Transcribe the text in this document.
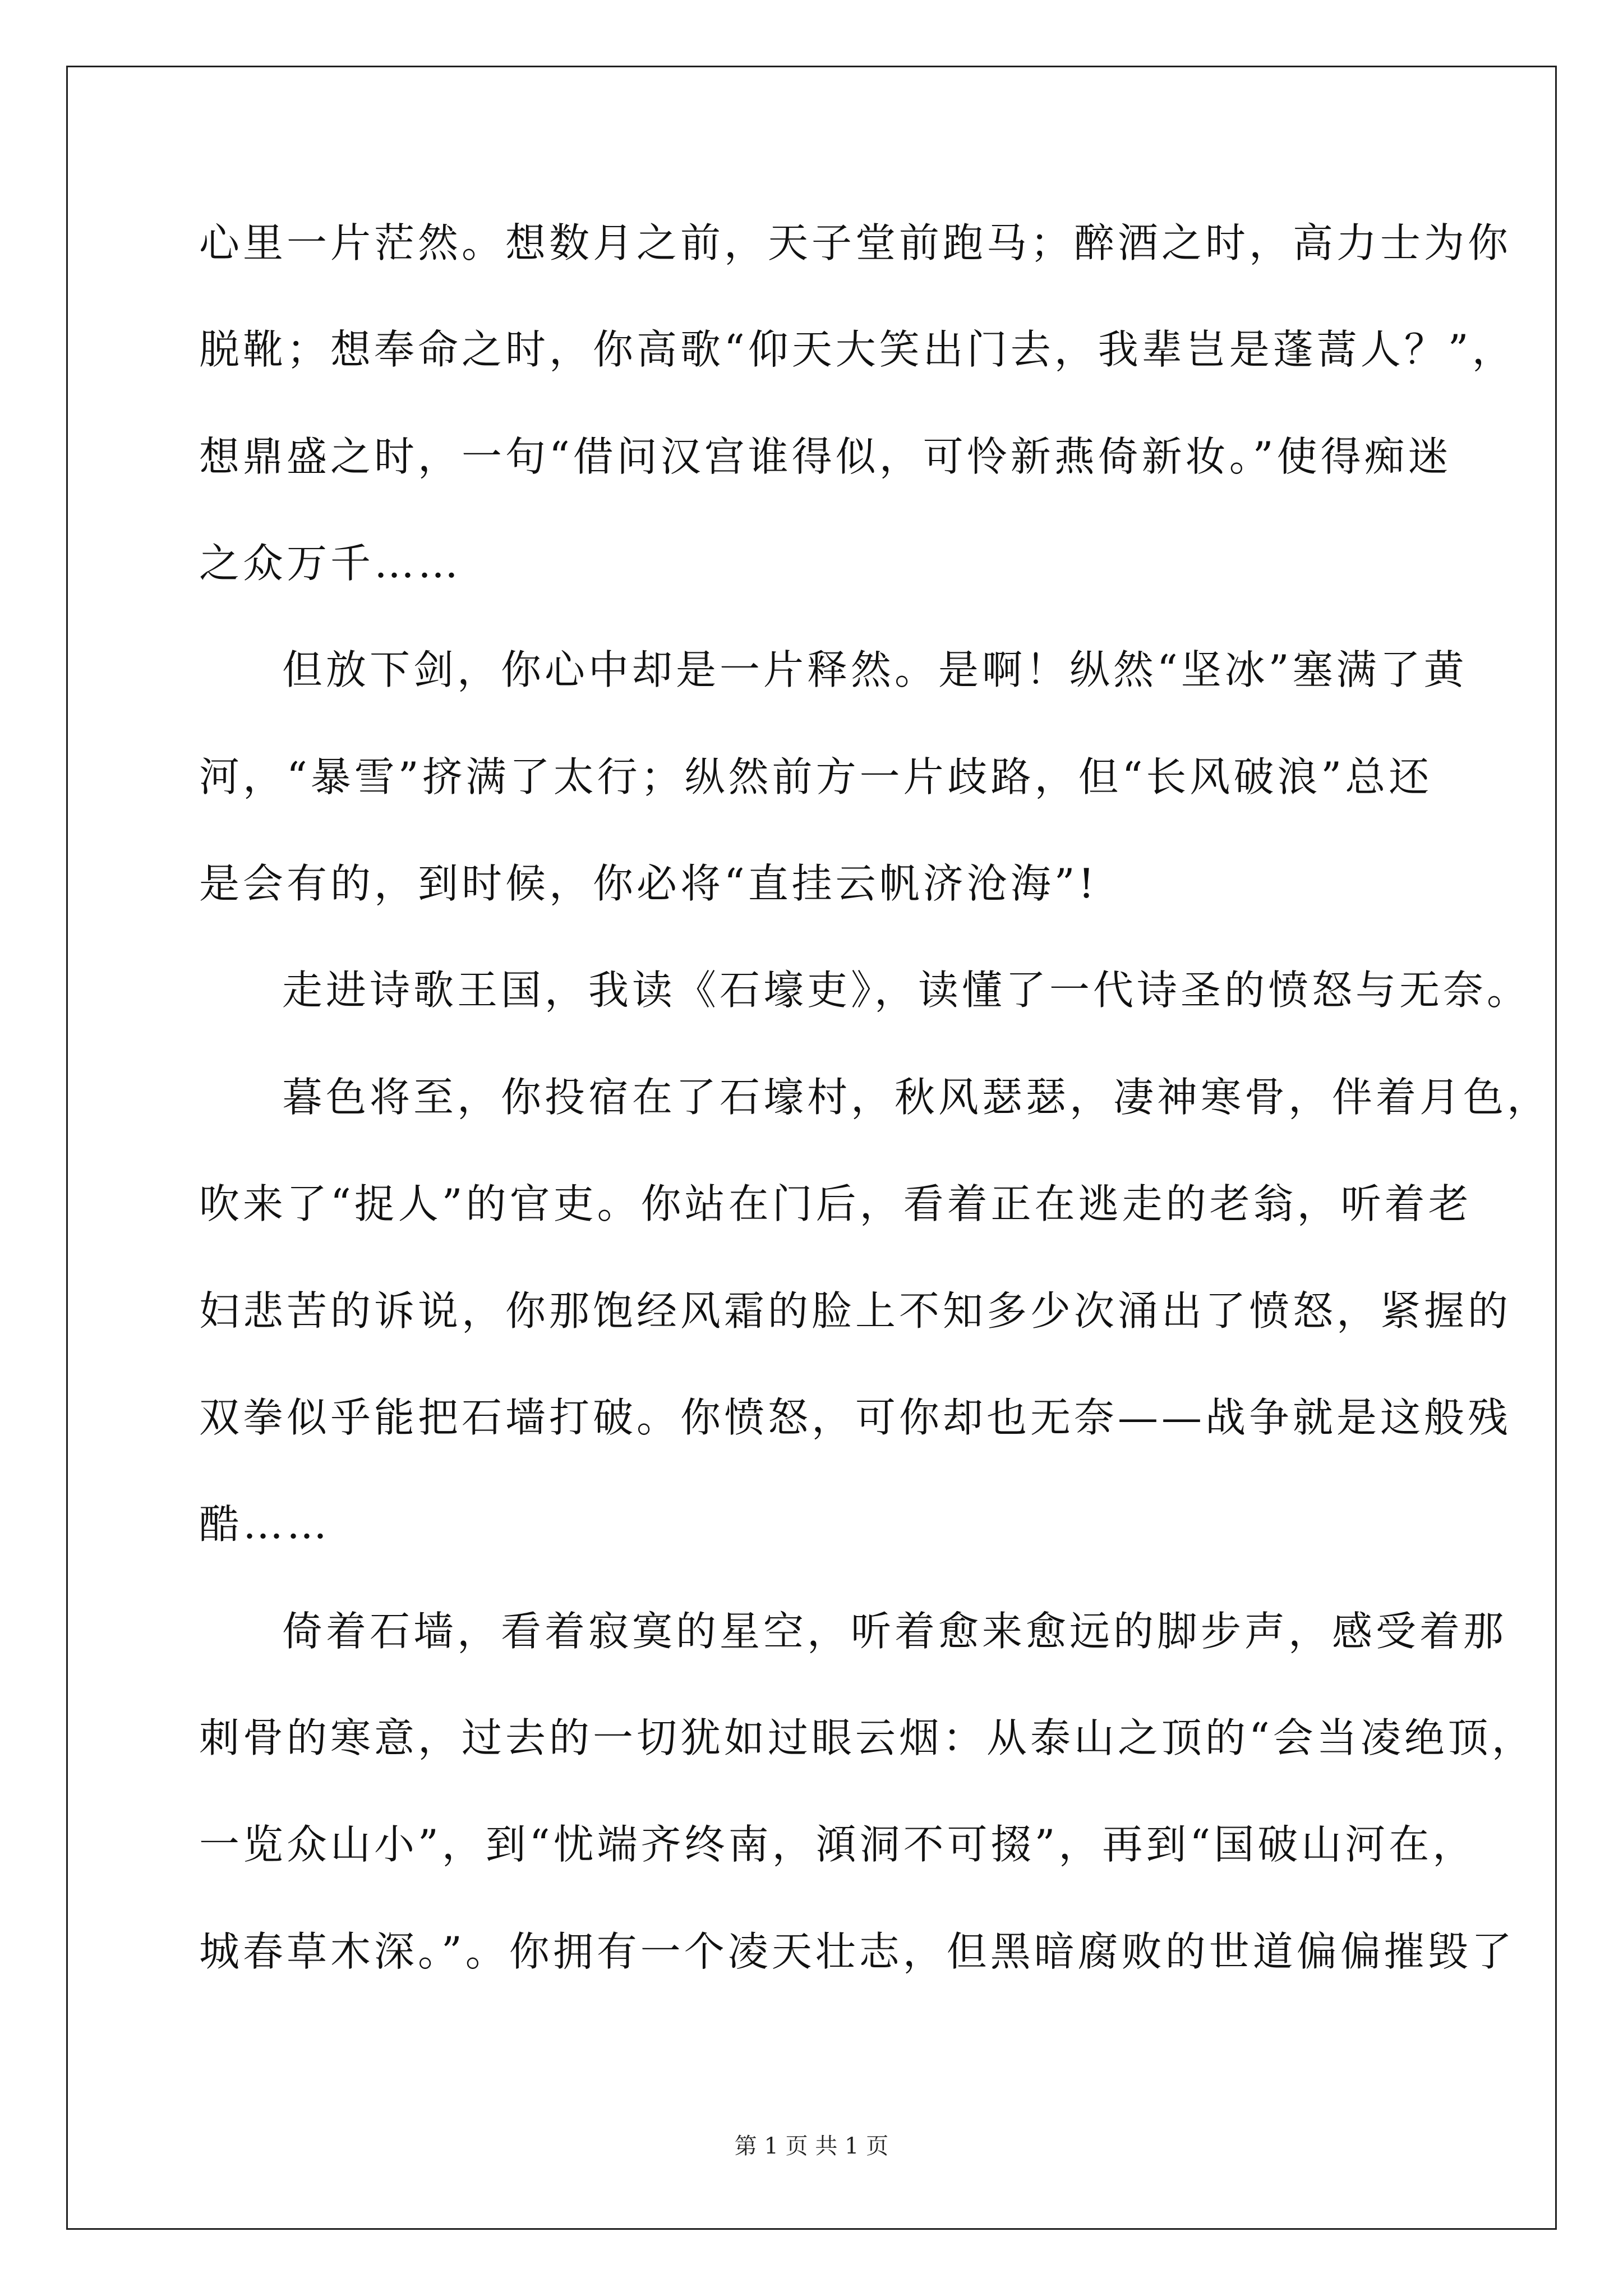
心里一片茫然。想数月之前，天子堂前跑马；醉酒之时，高力士为你
脱靴；想奉命之时，你高歌“仰天大笑出门去，我辈岂是蓬蒿人？”，
想鼎盛之时，一句“借问汉宫谁得似，可怜新燕倚新妆。”使得痴迷
之众万千……
但放下剑，你心中却是一片释然。是啊！纵然“坚冰”塞满了黄
河，“暴雪”挤满了太行；纵然前方一片歧路，但“长风破浪”总还
是会有的，到时候，你必将“直挂云帆济沧海”!
走进诗歌王国，我读《石壕吏》，读懂了一代诗圣的愤怒与无奈。
暮色将至，你投宿在了石壕村，秋风瑟瑟，凄神寒骨，伴着月色，
吹来了“捉人”的官吏。你站在门后，看着正在逃走的老翁，听着老
妇悲苦的诉说，你那饱经风霜的脸上不知多少次涌出了愤怒，紧握的
双拳似乎能把石墙打破。你愤怒，可你却也无奈——战争就是这般残
酷……
倚着石墙，看着寂寞的星空，听着愈来愈远的脚步声，感受着那
刺骨的寒意，过去的一切犹如过眼云烟：从泰山之顶的“会当凌绝顶，
一览众山小”，到“忧端齐终南，澒洞不可掇”，再到“国破山河在，
城春草木深。”。你拥有一个凌天壮志，但黑暗腐败的世道偏偏摧毁了
第 1 页 共 1 页
